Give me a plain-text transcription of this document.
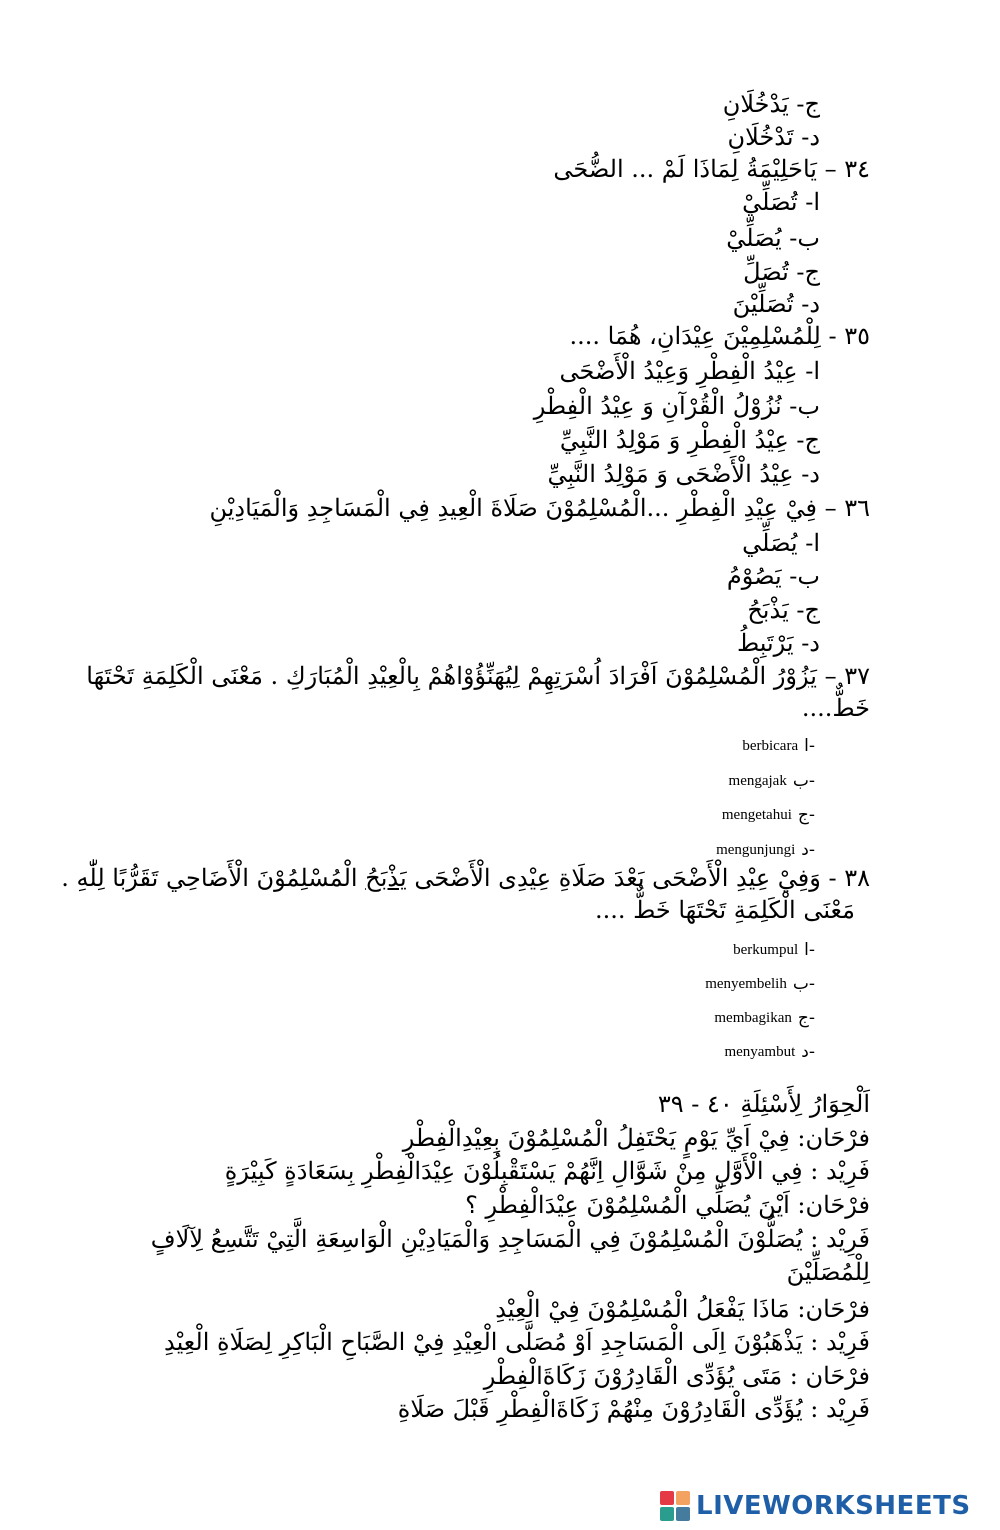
ج- يَدْخُلَانِ
د- تَدْخُلَانِ
٣٤ – يَاحَلِيْمَةُ لِمَاذَا لَمْ ... الضُّحَى
ا- تُصَلِّيْ
ب- يُصَلِّيْ
ج- تُصَلِّ
د- تُصَلِّيْنَ
٣٥ - لِلْمُسْلِمِيْنَ عِيْدَانِ، هُمَا ....
ا- عِيْدُ الْفِطْرِ وَعِيْدُ الْأَضْحَى
ب- نُزُوْلُ الْقُرْآنِ وَ عِيْدُ الْفِطْرِ
ج- عِيْدُ الْفِطْرِ وَ مَوْلِدُ النَّبِيِّ
د- عِيْدُ الْأَضْحَى وَ مَوْلِدُ النَّبِيِّ
٣٦ – فِيْ عِيْدِ الْفِطْرِ ...الْمُسْلِمُوْنَ صَلَاةَ الْعِيدِ فِي الْمَسَاجِدِ وَالْمَيَادِيْنِ
ا- يُصَلِّي
ب- يَصُوْمُ
ج- يَذْبَحُ
د- يَرْتَبِطُ
٣٧ – يَزُوْرُ الْمُسْلِمُوْنَ اَفْرَادَ اُسْرَتِهِمْ لِيُهَنِّؤُوْاهُمْ بِالْعِيْدِ الْمُبَارَكِ . مَعْنَى الْكَلِمَةِ تَحْتَهَا
خَطٌّ....
berbicara ا-
mengajak ب-
mengetahui ج-
mengunjungi د-
٣٨ - وَفِيْ عِيْدِ الْأَضْحَى بَعْدَ صَلَاةِ عِيْدِى الْأَضْحَى يَذْبَحُ الْمُسْلِمُوْنَ الْأَضَاحِي تَقَرُّبًا لِلّٰهِ .
مَعْنَى الْكَلِمَةِ تَحْتَهَا خَطٌّ ....
berkumpul ا-
menyembelih ب-
membagikan ج-
menyambut د-
اَلْحِوَارُ لِأَسْئِلَةِ ٤٠ - ٣٩
فرْحَان: فِيْ اَيِّ يَوْمٍ يَحْتَفِلُ الْمُسْلِمُوْنَ بِعِيْدِالْفِطْرِ
فَرِيْد : فِي الْأَوَّلِ مِنْ شَوَّالِ اِنَّهُمْ يَسْتَقْبِلُوْنَ عِيْدَالْفِطْرِ بِسَعَادَةٍ كَبِيْرَةٍ
فرْحَان: اَيْنَ يُصَلِّي الْمُسْلِمُوْنَ عِيْدَالْفِطْرِ ؟
فَرِيْد : يُصَلُّوْنَ الْمُسْلِمُوْنَ فِي الْمَسَاجِدِ وَالْمَيَادِيْنِ الْوَاسِعَةِ الَّتِيْ تَتَّسِعُ لِآلَافٍ
لِلْمُصَلِّيْنَ
فرْحَان: مَاذَا يَفْعَلُ الْمُسْلِمُوْنَ فِيْ الْعِيْدِ
فَرِيْد : يَذْهَبُوْنَ اِلَى الْمَسَاجِدِ اَوْ مُصَلَّى الْعِيْدِ فِيْ الصَّبَاحِ الْبَاكِرِ لِصَلَاةِ الْعِيْدِ
فرْحَان : مَتَى يُؤَدِّى الْقَادِرُوْنَ زَكَاةَالْفِطْرِ
فَرِيْد : يُؤَدِّى الْقَادِرُوْنَ مِنْهُمْ زَكَاةَالْفِطْرِ قَبْلَ صَلَاةِ
LIVEWORKSHEETS
